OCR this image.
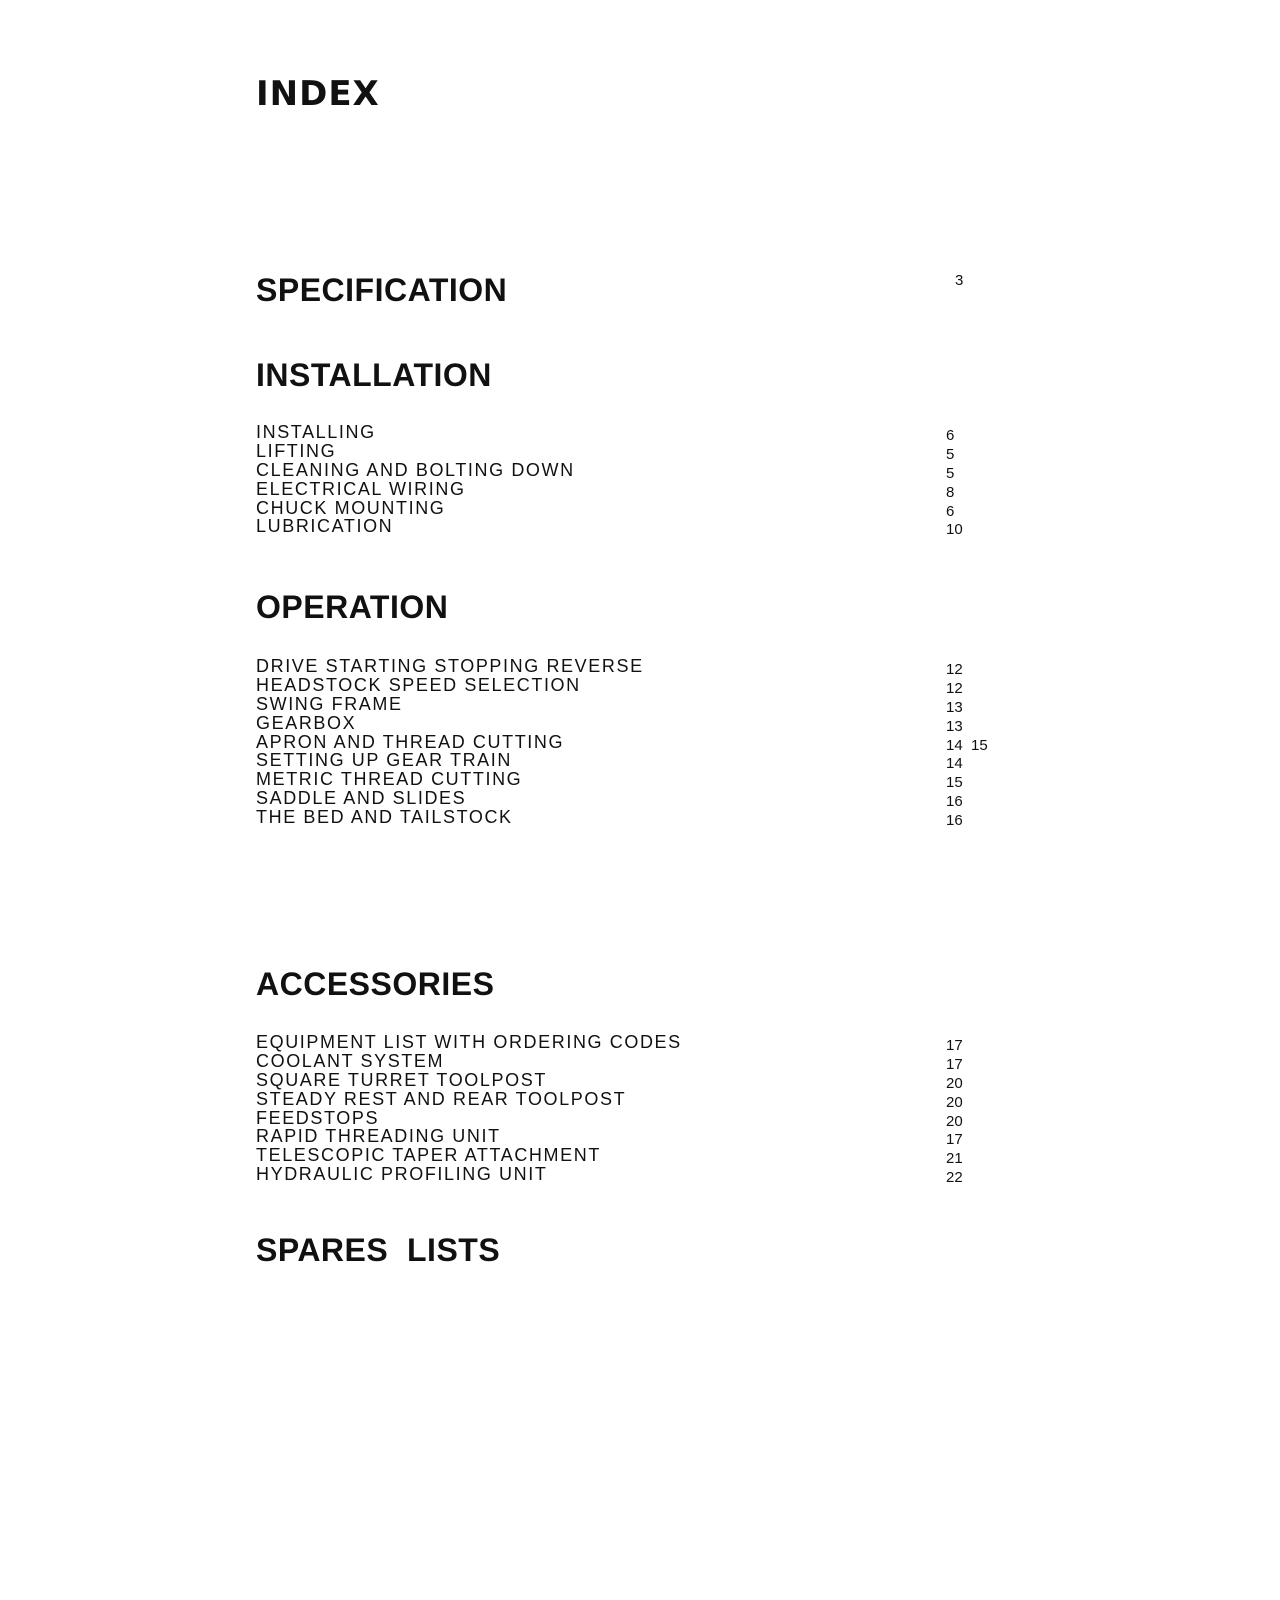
INDEX
SPECIFICATION	3
INSTALLATION
INSTALLING	6
LIFTING	5
CLEANING AND BOLTING DOWN	5
ELECTRICAL WIRING	8
CHUCK MOUNTING	6
LUBRICATION	10
OPERATION
DRIVE STARTING STOPPING REVERSE	12
HEADSTOCK SPEED SELECTION	12
SWING FRAME	13
GEARBOX	13
APRON AND THREAD CUTTING	14  15
SETTING UP GEAR TRAIN	14
METRIC THREAD CUTTING	15
SADDLE AND SLIDES	16
THE BED AND TAILSTOCK	16
ACCESSORIES
EQUIPMENT LIST WITH ORDERING CODES	17
COOLANT SYSTEM	17
SQUARE TURRET TOOLPOST	20
STEADY REST AND REAR TOOLPOST	20
FEEDSTOPS	20
RAPID THREADING UNIT	17
TELESCOPIC TAPER ATTACHMENT	21
HYDRAULIC PROFILING UNIT	22
SPARES  LISTS
